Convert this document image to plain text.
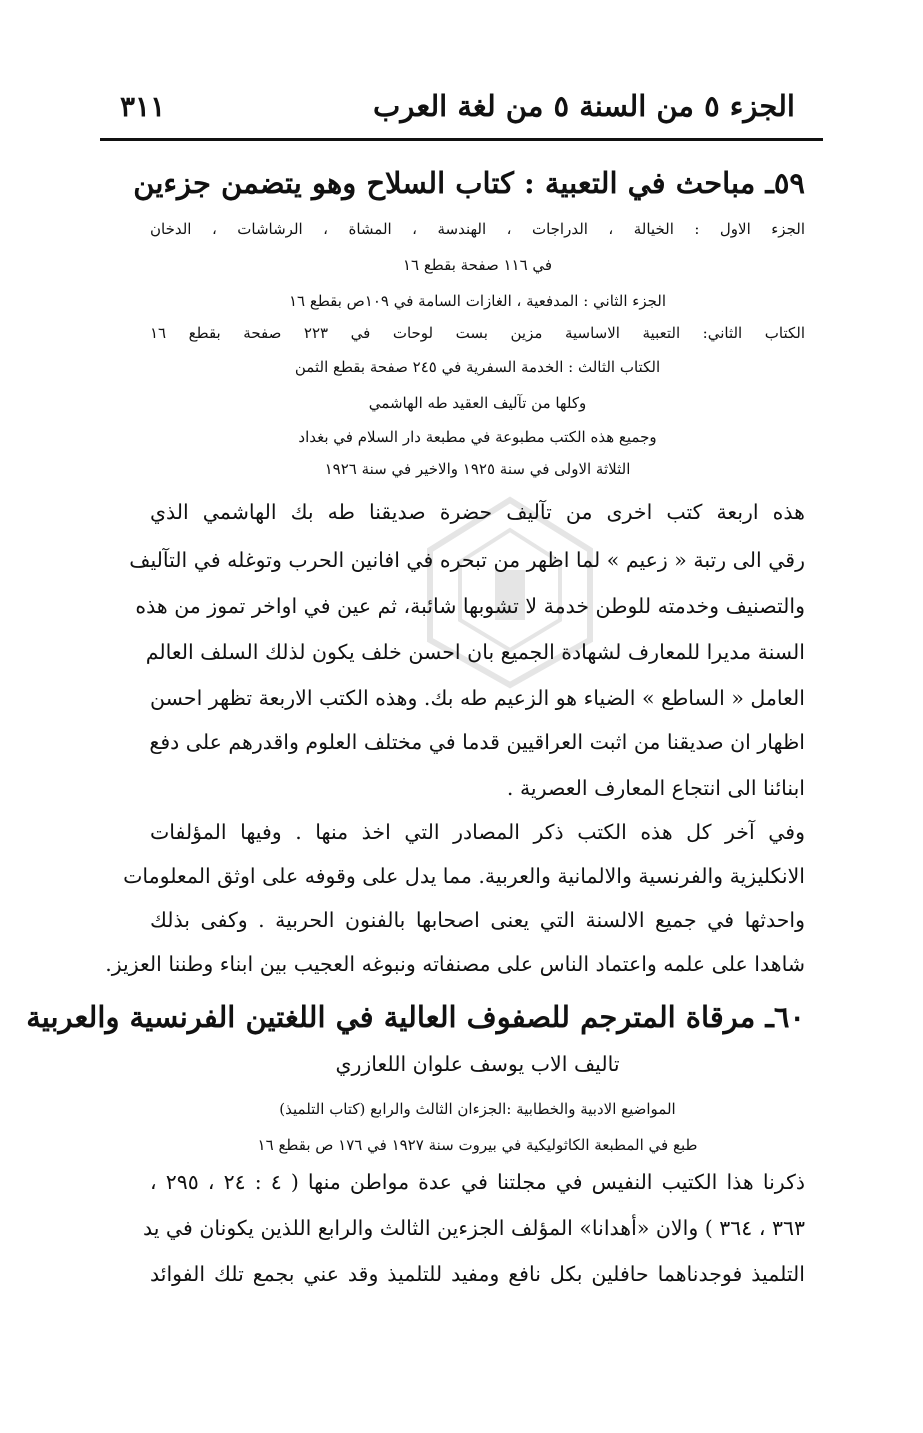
الجزء ٥ من السنة ٥ من لغة العرب
٣١١
٥٩ـ مباحث في التعبية : كتاب السلاح وهو يتضمن جزءين
الجزء الاول : الخيالة ، الدراجات ، الهندسة ، المشاة ، الرشاشات ، الدخان
في ١١٦ صفحة بقطع ١٦
الجزء الثاني : المدفعية ، الغازات السامة في ١٠٩ص بقطع ١٦
الكتاب الثاني: التعبية الاساسية مزين بست لوحات في ٢٢٣ صفحة بقطع ١٦
الكتاب الثالث : الخدمة السفرية في ٢٤٥ صفحة بقطع الثمن
وكلها من تآليف العقيد طه الهاشمي
وجميع هذه الكتب مطبوعة في مطبعة دار السلام في بغداد
الثلاثة الاولى في سنة ١٩٢٥ والاخير في سنة ١٩٢٦
هذه اربعة كتب اخرى من تآليف حضرة صديقنا طه بك الهاشمي الذي
رقي الى رتبة « زعيم » لما اظهر من تبحره في افانين الحرب وتوغله في التآليف
والتصنيف وخدمته للوطن خدمة لا تشوبها شائبة، ثم عين في اواخر تموز من هذه
السنة مديرا للمعارف لشهادة الجميع بان احسن خلف يكون لذلك السلف العالم
العامل « الساطع » الضياء هو الزعيم طه بك. وهذه الكتب الاربعة تظهر احسن
اظهار ان صديقنا من اثبت العراقيين قدما في مختلف العلوم واقدرهم على دفع
ابنائنا الى انتجاع المعارف العصرية .
وفي آخر كل هذه الكتب ذكر المصادر التي اخذ منها . وفيها المؤلفات
الانكليزية والفرنسية والالمانية والعربية. مما يدل على وقوفه على اوثق المعلومات
واحدثها في جميع الالسنة التي يعنى اصحابها بالفنون الحربية . وكفى بذلك
شاهدا على علمه واعتماد الناس على مصنفاته ونبوغه العجيب بين ابناء وطننا العزيز.
٦٠ـ مرقاة المترجم للصفوف العالية في اللغتين الفرنسية والعربية
تاليف الاب يوسف علوان اللعازري
المواضيع الادبية والخطابية :الجزءان الثالث والرابع (كتاب التلميذ)
طبع في المطبعة الكاثوليكية في بيروت سنة ١٩٢٧ في ١٧٦ ص بقطع ١٦
ذكرنا هذا الكتيب النفيس في مجلتنا في عدة مواطن منها ( ٤ : ٢٤ ، ٢٩٥ ،
٣٦٣ ، ٣٦٤ ) والان «أهدانا» المؤلف الجزءين الثالث والرابع اللذين يكونان في يد
التلميذ فوجدناهما حافلين بكل نافع ومفيد للتلميذ وقد عني بجمع تلك الفوائد
